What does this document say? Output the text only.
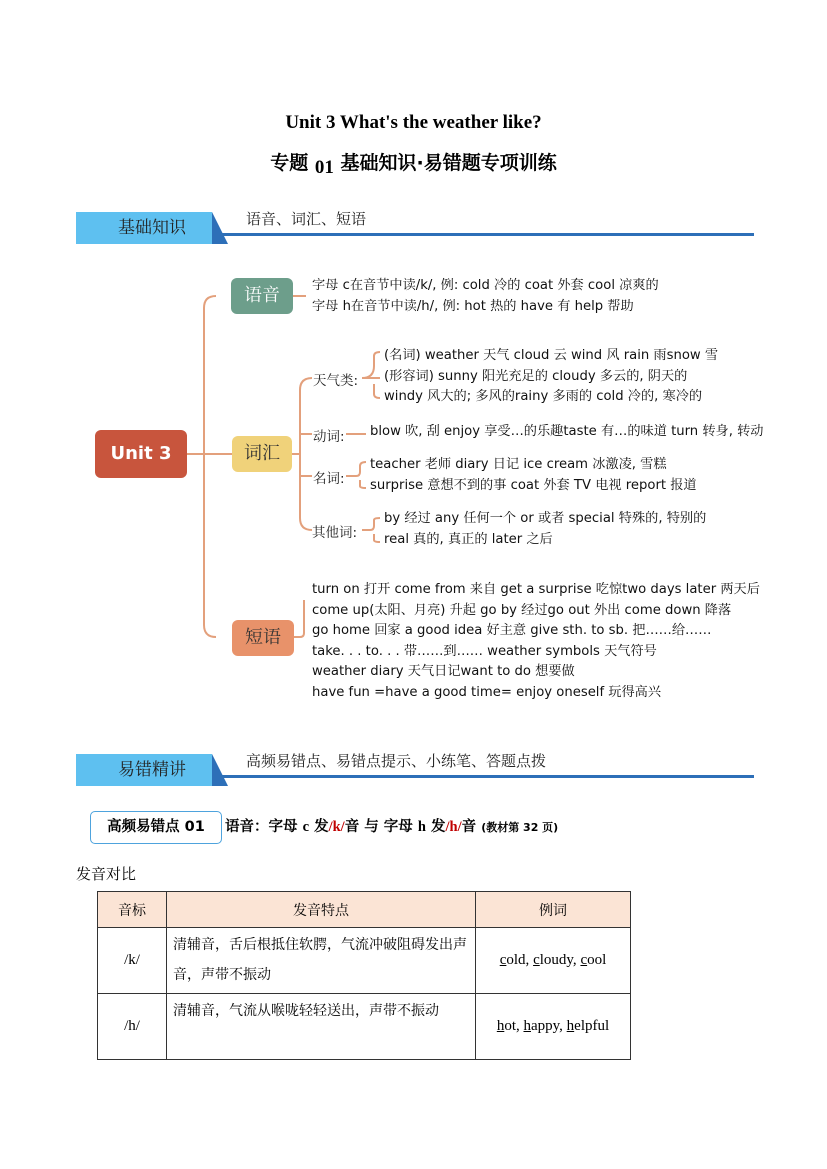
Unit 3 What's the weather like?
专题 01 基础知识·易错题专项训练
基础知识	语音、词汇、短语
Unit 3
语音	字母 c在音节中读/k/, 例: cold 冷的 coat 外套 cool 凉爽的
字母 h在音节中读/h/, 例: hot 热的 have 有 help 帮助
词汇
天气类:
(名词) weather 天气 cloud 云 wind 风 rain 雨snow 雪
(形容词) sunny 阳光充足的 cloudy 多云的, 阴天的
windy 风大的; 多风的rainy 多雨的 cold 冷的, 寒冷的
动词: blow 吹, 刮 enjoy 享受…的乐趣taste 有…的味道 turn 转身, 转动
名词:
teacher 老师 diary 日记 ice cream 冰激凌, 雪糕
surprise 意想不到的事 coat 外套 TV 电视 report 报道
其他词:
by 经过 any 任何一个 or 或者 special 特殊的, 特别的
real 真的, 真正的 later 之后
短语
turn on 打开 come from 来自 get a surprise 吃惊two days later 两天后
come up(太阳、月亮) 升起 go by 经过go out 外出 come down 降落
go home 回家 a good idea 好主意 give sth. to sb. 把……给……
take. . . to. . . 带……到…… weather symbols 天气符号
weather diary 天气日记want to do 想要做
have fun =have a good time= enjoy oneself 玩得高兴
易错精讲	高频易错点、易错点提示、小练笔、答题点拨
高频易错点 01	语音：字母 c 发/k/音 与 字母 h 发/h/音 (教材第 32 页)
发音对比
音标	发音特点	例词
/k/	清辅音，舌后根抵住软腭，气流冲破阻碍发出声音，声带不振动	cold, cloudy, cool
/h/	清辅音，气流从喉咙轻轻送出，声带不振动	hot, happy, helpful
